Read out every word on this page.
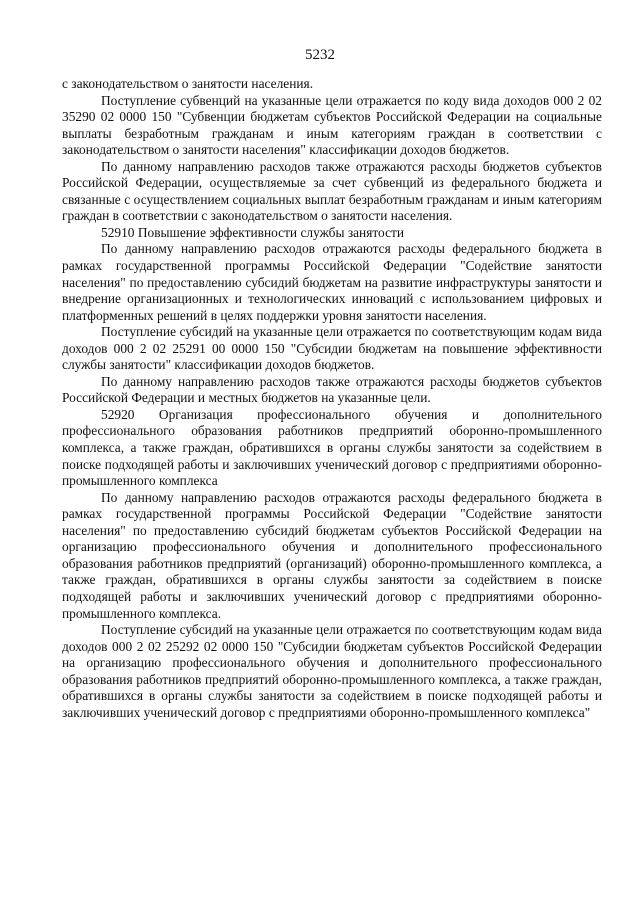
5232

с законодательством о занятости населения.

Поступление субвенций на указанные цели отражается по коду вида доходов 000 2 02 35290 02 0000 150 "Субвенции бюджетам субъектов Российской Федерации на социальные выплаты безработным гражданам и иным категориям граждан в соответствии с законодательством о занятости населения" классификации доходов бюджетов.

По данному направлению расходов также отражаются расходы бюджетов субъектов Российской Федерации, осуществляемые за счет субвенций из федерального бюджета и связанные с осуществлением социальных выплат безработным гражданам и иным категориям граждан в соответствии с законодательством о занятости населения.

52910 Повышение эффективности службы занятости

По данному направлению расходов отражаются расходы федерального бюджета в рамках государственной программы Российской Федерации "Содействие занятости населения" по предоставлению субсидий бюджетам на развитие инфраструктуры занятости и внедрение организационных и технологических инноваций с использованием цифровых и платформенных решений в целях поддержки уровня занятости населения.

Поступление субсидий на указанные цели отражается по соответствующим кодам вида доходов 000 2 02 25291 00 0000 150 "Субсидии бюджетам на повышение эффективности службы занятости" классификации доходов бюджетов.

По данному направлению расходов также отражаются расходы бюджетов субъектов Российской Федерации и местных бюджетов на указанные цели.

52920 Организация профессионального обучения и дополнительного профессионального образования работников предприятий оборонно-промышленного комплекса, а также граждан, обратившихся в органы службы занятости за содействием в поиске подходящей работы и заключивших ученический договор с предприятиями оборонно-промышленного комплекса

По данному направлению расходов отражаются расходы федерального бюджета в рамках государственной программы Российской Федерации "Содействие занятости населения" по предоставлению субсидий бюджетам субъектов Российской Федерации на организацию профессионального обучения и дополнительного профессионального образования работников предприятий (организаций) оборонно-промышленного комплекса, а также граждан, обратившихся в органы службы занятости за содействием в поиске подходящей работы и заключивших ученический договор с предприятиями оборонно-промышленного комплекса.

Поступление субсидий на указанные цели отражается по соответствующим кодам вида доходов 000 2 02 25292 02 0000 150 "Субсидии бюджетам субъектов Российской Федерации на организацию профессионального обучения и дополнительного профессионального образования работников предприятий оборонно-промышленного комплекса, а также граждан, обратившихся в органы службы занятости за содействием в поиске подходящей работы и заключивших ученический договор с предприятиями оборонно-промышленного комплекса"
